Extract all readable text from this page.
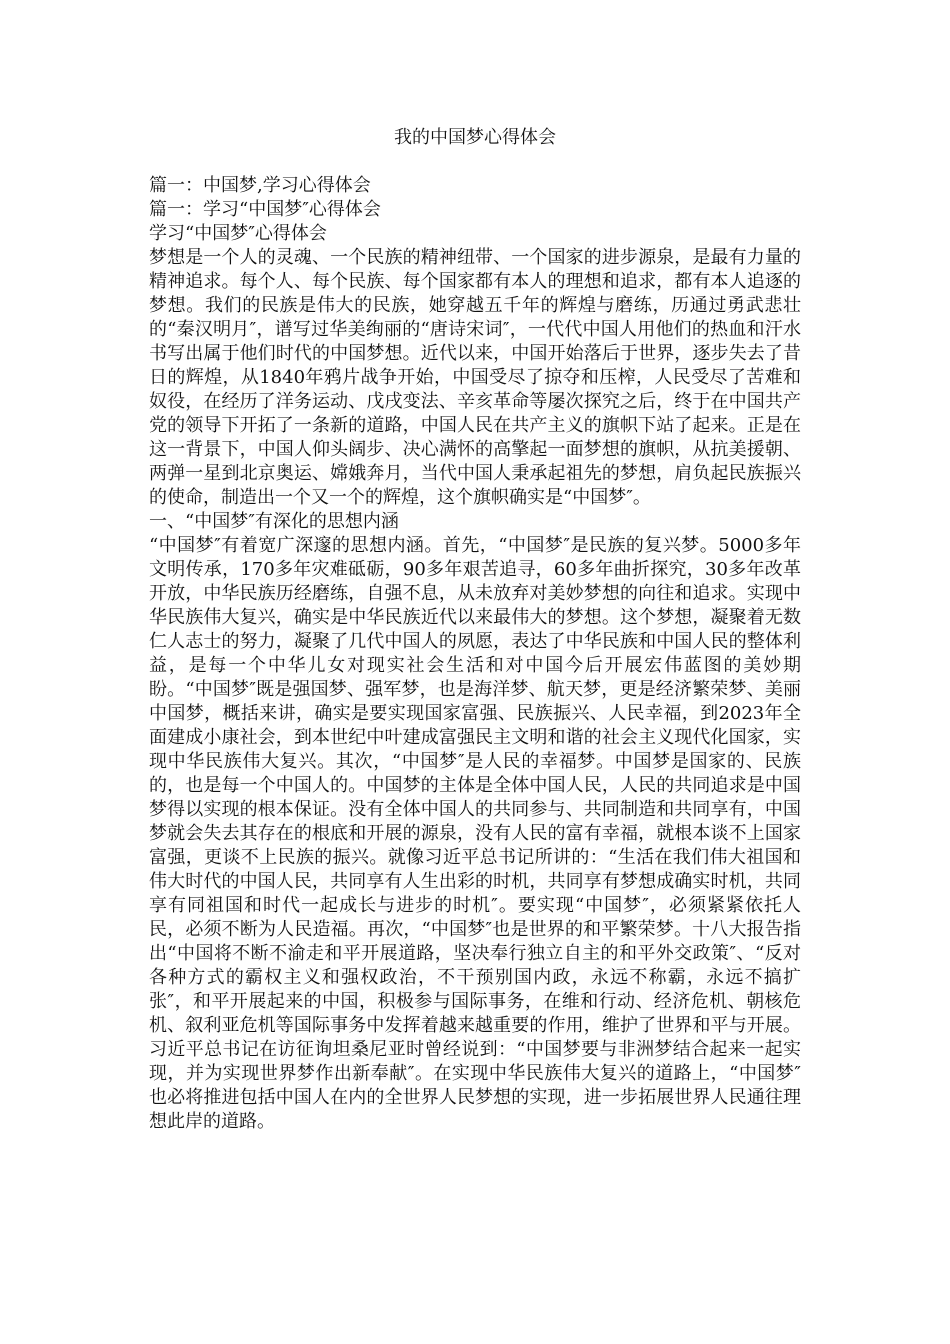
我的中国梦心得体会

篇一：中国梦,学习心得体会

篇一：学习“中国梦″心得体会

学习“中国梦″心得体会

梦想是一个人的灵魂、一个民族的精神纽带、一个国家的进步源泉，是最有力量的精神追求。每个人、每个民族、每个国家都有本人的理想和追求，都有本人追逐的梦想。我们的民族是伟大的民族，她穿越五千年的辉煌与磨练，历通过勇武悲壮的“秦汉明月″，谱写过华美绚丽的“唐诗宋词″，一代代中国人用他们的热血和汗水书写出属于他们时代的中国梦想。近代以来，中国开始落后于世界，逐步失去了昔日的辉煌，从1840年鸦片战争开始，中国受尽了掠夺和压榨，人民受尽了苦难和奴役，在经历了洋务运动、戊戌变法、辛亥革命等屡次探究之后，终于在中国共产党的领导下开拓了一条新的道路，中国人民在共产主义的旗帜下站了起来。正是在这一背景下，中国人仰头阔步、决心满怀的高擎起一面梦想的旗帜，从抗美援朝、两弹一星到北京奥运、嫦娥奔月，当代中国人秉承起祖先的梦想，肩负起民族振兴的使命，制造出一个又一个的辉煌，这个旗帜确实是“中国梦″。

一、“中国梦″有深化的思想内涵

“中国梦″有着宽广深邃的思想内涵。首先，“中国梦″是民族的复兴梦。5000多年文明传承，170多年灾难砥砺，90多年艰苦追寻，60多年曲折探究，30多年改革开放，中华民族历经磨练，自强不息，从未放弃对美妙梦想的向往和追求。实现中华民族伟大复兴，确实是中华民族近代以来最伟大的梦想。这个梦想，凝聚着无数仁人志士的努力，凝聚了几代中国人的夙愿，表达了中华民族和中国人民的整体利益，是每一个中华儿女对现实社会生活和对中国今后开展宏伟蓝图的美妙期盼。“中国梦″既是强国梦、强军梦，也是海洋梦、航天梦，更是经济繁荣梦、美丽中国梦，概括来讲，确实是要实现国家富强、民族振兴、人民幸福，到2023年全面建成小康社会，到本世纪中叶建成富强民主文明和谐的社会主义现代化国家，实现中华民族伟大复兴。其次，“中国梦″是人民的幸福梦。中国梦是国家的、民族的，也是每一个中国人的。中国梦的主体是全体中国人民，人民的共同追求是中国梦得以实现的根本保证。没有全体中国人的共同参与、共同制造和共同享有，中国梦就会失去其存在的根底和开展的源泉，没有人民的富有幸福，就根本谈不上国家富强，更谈不上民族的振兴。就像习近平总书记所讲的：“生活在我们伟大祖国和伟大时代的中国人民，共同享有人生出彩的时机，共同享有梦想成确实时机，共同享有同祖国和时代一起成长与进步的时机″。要实现“中国梦″，必须紧紧依托人民，必须不断为人民造福。再次，“中国梦″也是世界的和平繁荣梦。十八大报告指出“中国将不断不渝走和平开展道路，坚决奉行独立自主的和平外交政策″、“反对各种方式的霸权主义和强权政治，不干预别国内政，永远不称霸，永远不搞扩张″，和平开展起来的中国，积极参与国际事务，在维和行动、经济危机、朝核危机、叙利亚危机等国际事务中发挥着越来越重要的作用，维护了世界和平与开展。习近平总书记在访征询坦桑尼亚时曾经说到：“中国梦要与非洲梦结合起来一起实现，并为实现世界梦作出新奉献″。在实现中华民族伟大复兴的道路上，“中国梦″也必将推进包括中国人在内的全世界人民梦想的实现，进一步拓展世界人民通往理想此岸的道路。
